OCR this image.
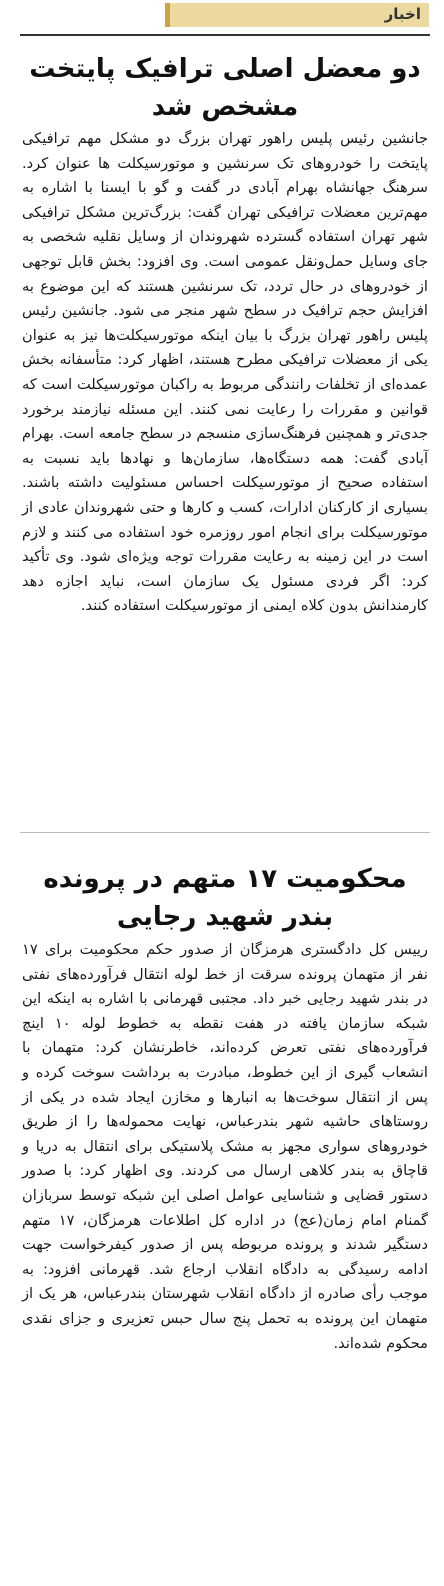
اخبار
دو معضل اصلی ترافیک پایتخت مشخص شد
جانشین رئیس پلیس راهور تهران بزرگ دو مشکل مهم ترافیکی پایتخت را خودروهای تک سرنشین و موتورسیکلت ها عنوان کرد. سرهنگ جهانشاه بهرام آبادی در گفت و گو با ایسنا با اشاره به مهم‌ترین معضلات ترافیکی تهران گفت: بزرگ‌ترین مشکل ترافیکی شهر تهران استفاده گسترده شهروندان از وسایل نقلیه شخصی به جای وسایل حمل‌ونقل عمومی است. وی افزود: بخش قابل توجهی از خودروهای در حال تردد، تک سرنشین هستند که این موضوع به افزایش حجم ترافیک در سطح شهر منجر می شود. جانشین رئیس پلیس راهور تهران بزرگ با بیان اینکه موتورسیکلت‌ها نیز به عنوان یکی از معضلات ترافیکی مطرح هستند، اظهار کرد: متأسفانه بخش عمده‌ای از تخلفات رانندگی مربوط به راکبان موتورسیکلت است که قوانین و مقررات را رعایت نمی کنند. این مسئله نیازمند برخورد جدی‌تر و همچنین فرهنگ‌سازی منسجم در سطح جامعه است. بهرام آبادی گفت: همه دستگاه‌ها، سازمان‌ها و نهادها باید نسبت به استفاده صحیح از موتورسیکلت احساس مسئولیت داشته باشند. بسیاری از کارکنان ادارات، کسب و کارها و حتی شهروندان عادی از موتورسیکلت برای انجام امور روزمره خود استفاده می کنند و لازم است در این زمینه به رعایت مقررات توجه ویژه‌ای شود. وی تأکید کرد: اگر فردی مسئول یک سازمان است، نباید اجازه دهد کارمندانش بدون کلاه ایمنی از موتورسیکلت استفاده کنند.
محکومیت ۱۷ متهم در پرونده بندر شهید رجایی
رییس کل دادگستری هرمزگان از صدور حکم محکومیت برای ۱۷ نفر از متهمان پرونده سرقت از خط لوله انتقال فرآورده‌های نفتی در بندر شهید رجایی خبر داد. مجتبی قهرمانی با اشاره به اینکه این شبکه سازمان یافته در هفت نقطه به خطوط لوله ۱۰ اینچ فرآورده‌های نفتی تعرض کرده‌اند، خاطرنشان کرد: متهمان با انشعاب گیری از این خطوط، مبادرت به برداشت سوخت کرده و پس از انتقال سوخت‌ها به انبارها و مخازن ایجاد شده در یکی از روستاهای حاشیه شهر بندرعباس، نهایت محموله‌ها را از طریق خودروهای سواری مجهز به مشک پلاستیکی برای انتقال به دریا و قاچاق به بندر کلاهی ارسال می کردند. وی اظهار کرد: با صدور دستور قضایی و شناسایی عوامل اصلی این شبکه توسط سربازان گمنام امام زمان(عج) در اداره کل اطلاعات هرمزگان، ۱۷ متهم دستگیر شدند و پرونده مربوطه پس از صدور کیفرخواست جهت ادامه رسیدگی به دادگاه انقلاب ارجاع شد. قهرمانی افزود: به موجب رأی صادره از دادگاه انقلاب شهرستان بندرعباس، هر یک از متهمان این پرونده به تحمل پنج سال حبس تعزیری و جزای نقدی محکوم شده‌اند.
